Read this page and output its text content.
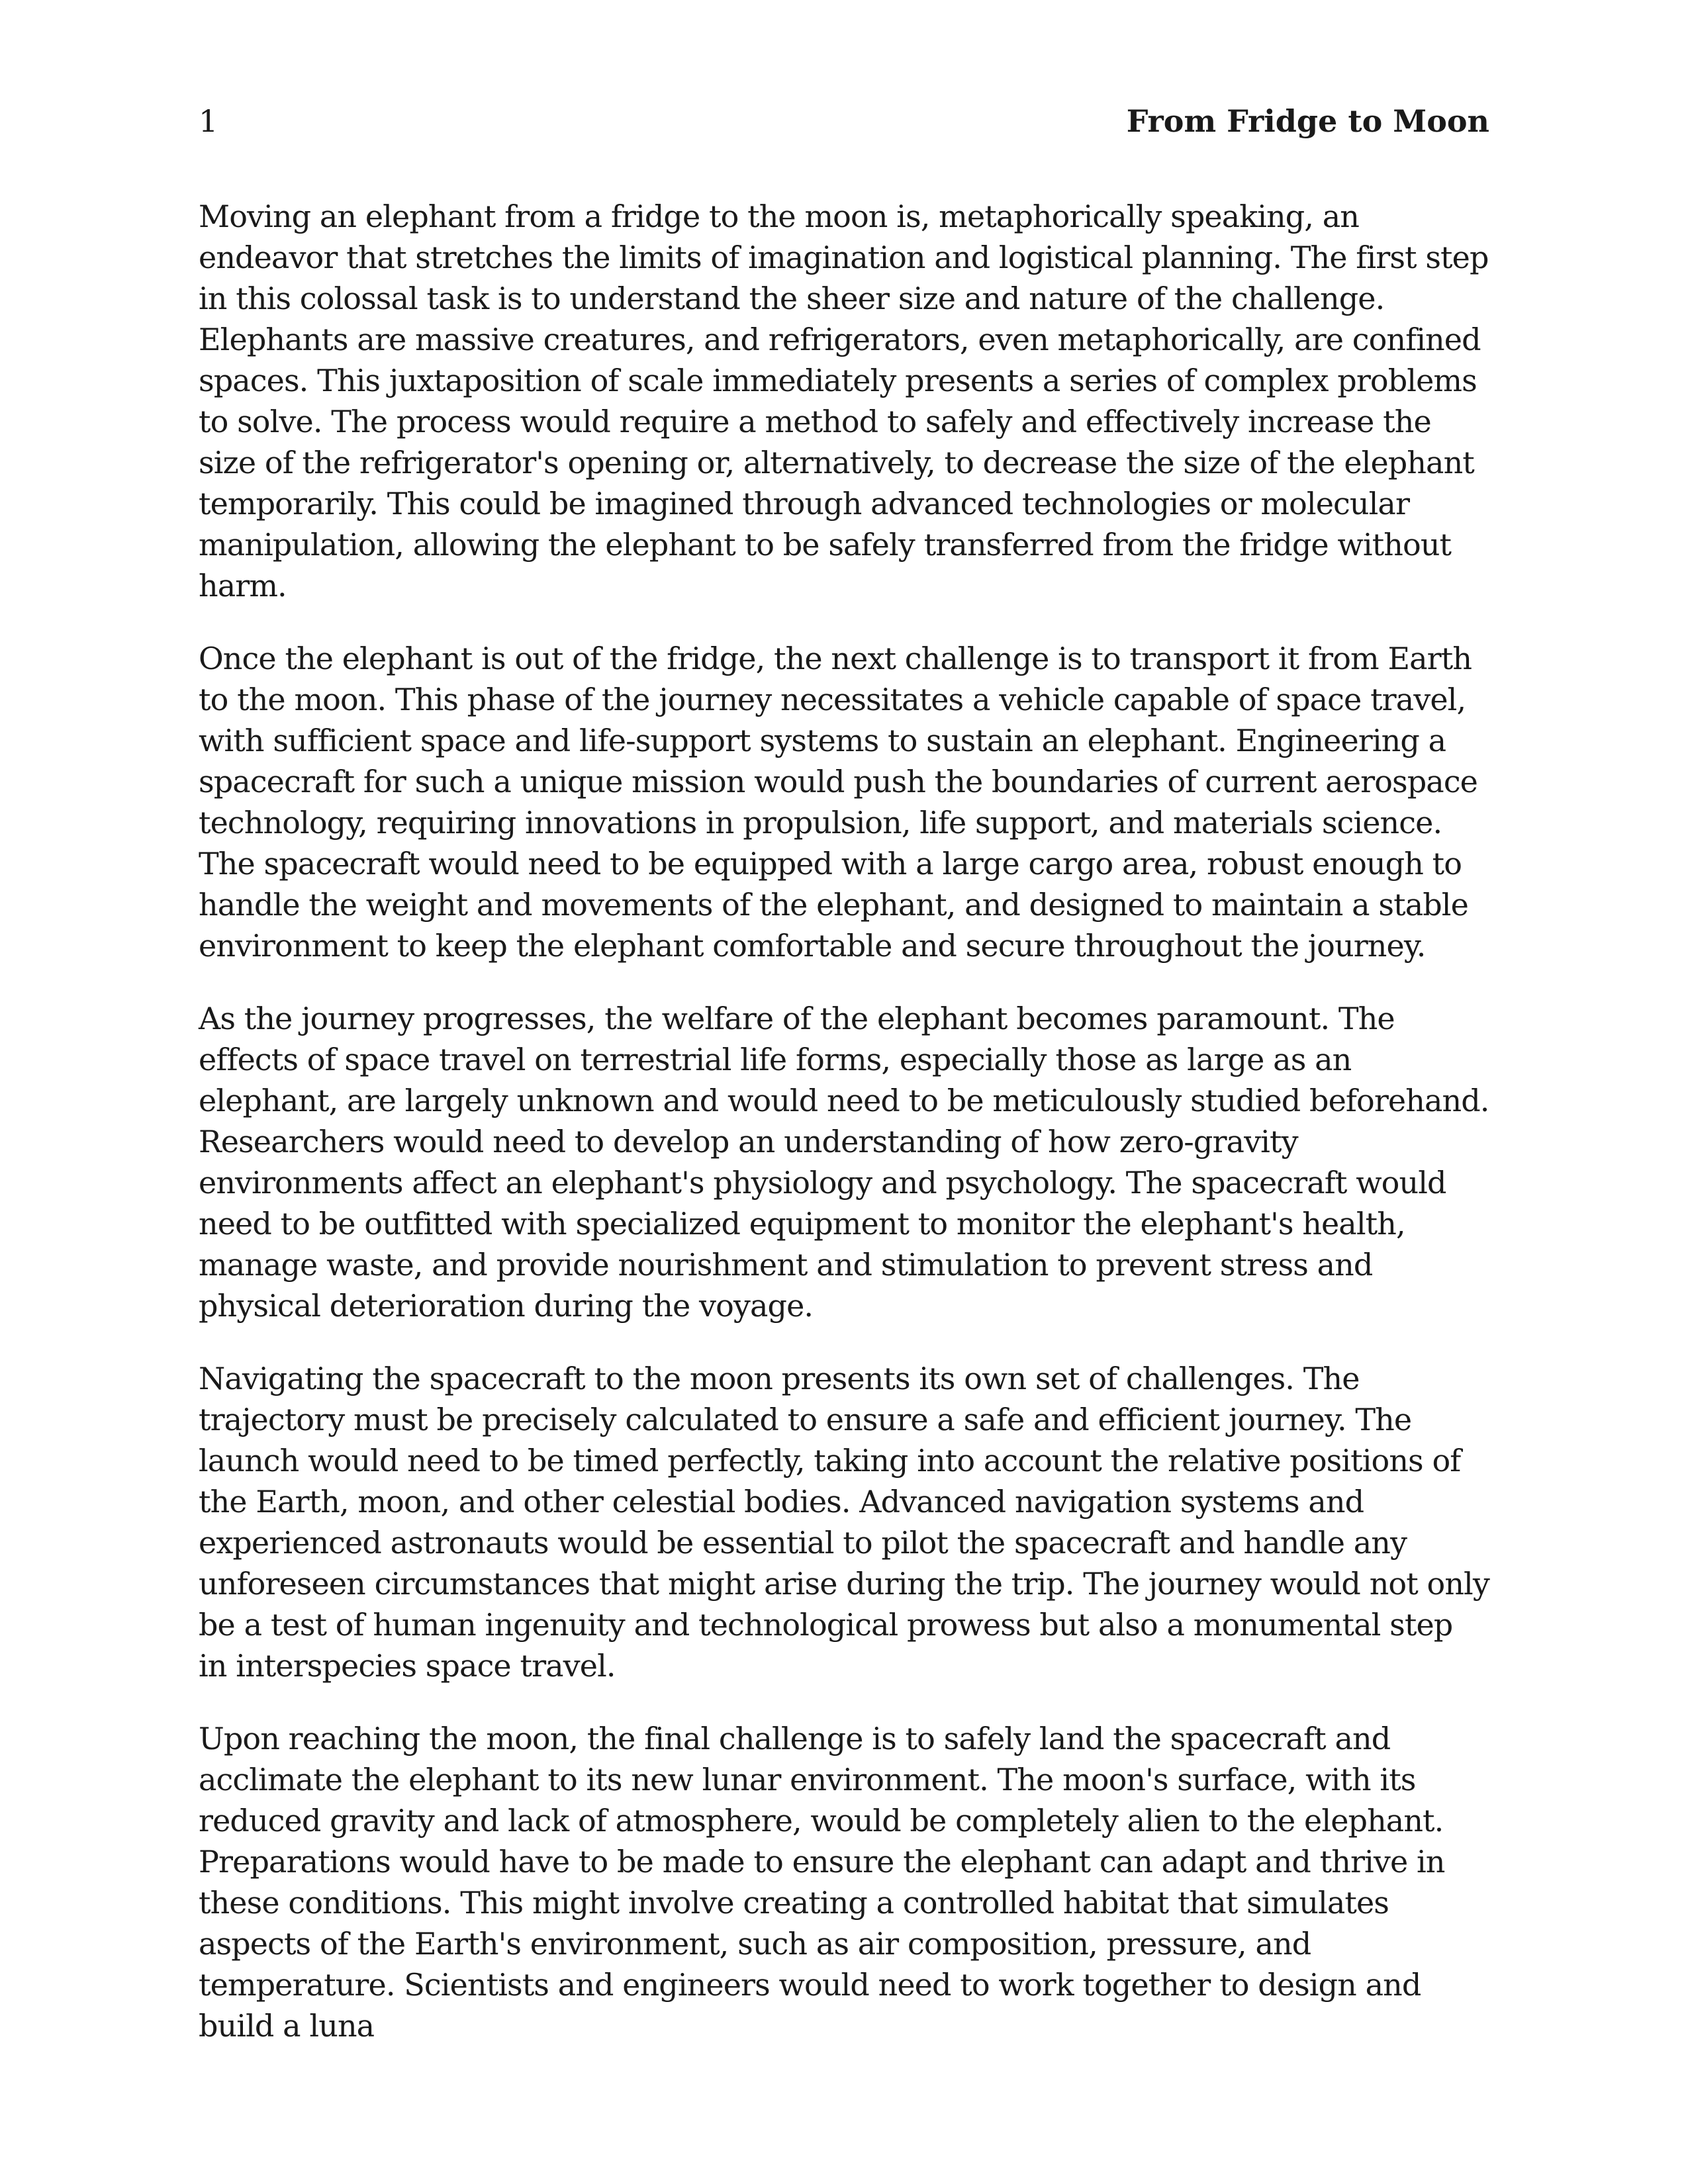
1	From Fridge to Moon

Moving an elephant from a fridge to the moon is, metaphorically speaking, an endeavor that stretches the limits of imagination and logistical planning. The first step in this colossal task is to understand the sheer size and nature of the challenge. Elephants are massive creatures, and refrigerators, even metaphorically, are confined spaces. This juxtaposition of scale immediately presents a series of complex problems to solve. The process would require a method to safely and effectively increase the size of the refrigerator's opening or, alternatively, to decrease the size of the elephant temporarily. This could be imagined through advanced technologies or molecular manipulation, allowing the elephant to be safely transferred from the fridge without harm.

Once the elephant is out of the fridge, the next challenge is to transport it from Earth to the moon. This phase of the journey necessitates a vehicle capable of space travel, with sufficient space and life-support systems to sustain an elephant. Engineering a spacecraft for such a unique mission would push the boundaries of current aerospace technology, requiring innovations in propulsion, life support, and materials science. The spacecraft would need to be equipped with a large cargo area, robust enough to handle the weight and movements of the elephant, and designed to maintain a stable environment to keep the elephant comfortable and secure throughout the journey.

As the journey progresses, the welfare of the elephant becomes paramount. The effects of space travel on terrestrial life forms, especially those as large as an elephant, are largely unknown and would need to be meticulously studied beforehand. Researchers would need to develop an understanding of how zero-gravity environments affect an elephant's physiology and psychology. The spacecraft would need to be outfitted with specialized equipment to monitor the elephant's health, manage waste, and provide nourishment and stimulation to prevent stress and physical deterioration during the voyage.

Navigating the spacecraft to the moon presents its own set of challenges. The trajectory must be precisely calculated to ensure a safe and efficient journey. The launch would need to be timed perfectly, taking into account the relative positions of the Earth, moon, and other celestial bodies. Advanced navigation systems and experienced astronauts would be essential to pilot the spacecraft and handle any unforeseen circumstances that might arise during the trip. The journey would not only be a test of human ingenuity and technological prowess but also a monumental step in interspecies space travel.

Upon reaching the moon, the final challenge is to safely land the spacecraft and acclimate the elephant to its new lunar environment. The moon's surface, with its reduced gravity and lack of atmosphere, would be completely alien to the elephant. Preparations would have to be made to ensure the elephant can adapt and thrive in these conditions. This might involve creating a controlled habitat that simulates aspects of the Earth's environment, such as air composition, pressure, and temperature. Scientists and engineers would need to work together to design and build a luna
